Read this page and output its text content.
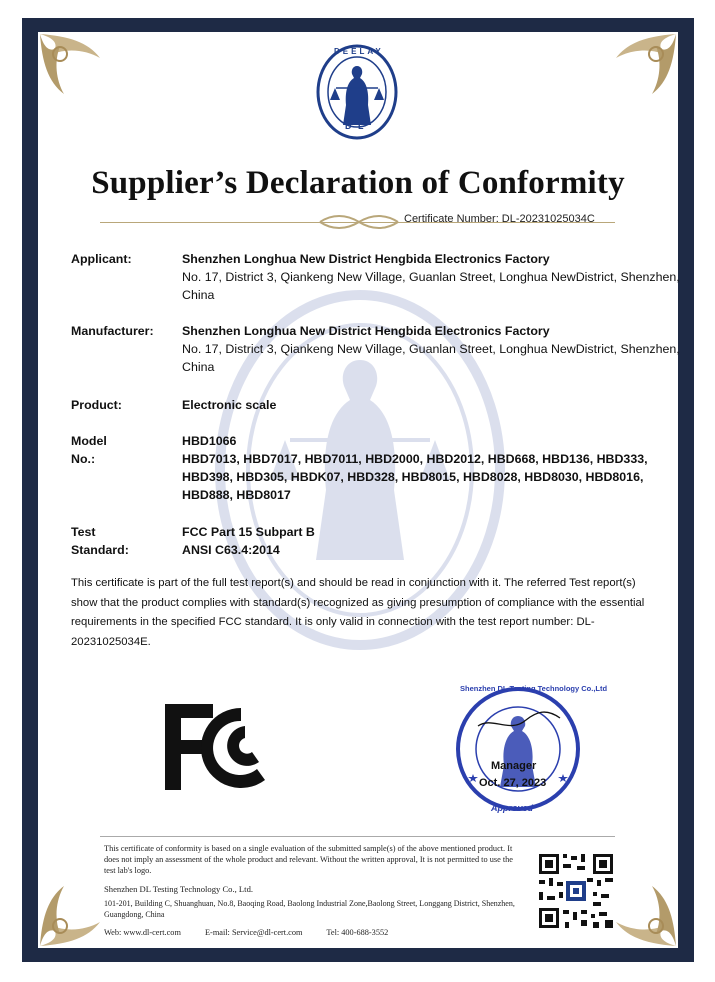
DEELAY
D L
Supplier’s Declaration of Conformity
Certificate Number: DL-20231025034C
Applicant:	Shenzhen Longhua New District Hengbida Electronics Factory
No. 17, District 3, Qiankeng New Village, Guanlan Street, Longhua NewDistrict, Shenzhen, China
Manufacturer: Shenzhen Longhua New District Hengbida Electronics Factory
No. 17, District 3, Qiankeng New Village, Guanlan Street, Longhua NewDistrict, Shenzhen, China
Product:	Electronic scale
Model No.:
HBD1066
HBD7013, HBD7017, HBD7011, HBD2000, HBD2012, HBD668, HBD136, HBD333, HBD398, HBD305, HBDK07, HBD328, HBD8015, HBD8028, HBD8030, HBD8016, HBD888, HBD8017
Test Standard:
FCC Part 15 Subpart B
ANSI C63.4:2014
This certificate is part of the full test report(s) and should be read in conjunction with it. The referred Test report(s) show that the product complies with standard(s) recognized as giving presumption of compliance with the essential requirements in the specified FCC standard. It is only valid in connection with the test report number: DL-20231025034E.
Shenzhen DL Testing Technology Co.,Ltd
Approved
Manager
Oct. 27, 2023
This certificate of conformity is based on a single evaluation of the submitted sample(s) of the above mentioned product. It does not imply an assessment of the whole product and relevant. Without the written approval, It is not permitted to use the test lab's logo.
Shenzhen DL Testing Technology Co., Ltd.
101-201, Building C, Shuanghuan, No.8, Baoqing Road, Baolong Industrial Zone,Baolong Street, Longgang District, Shenzhen, Guangdong, China
Web: www.dl-cert.com	E-mail: Service@dl-cert.com	Tel: 400-688-3552
